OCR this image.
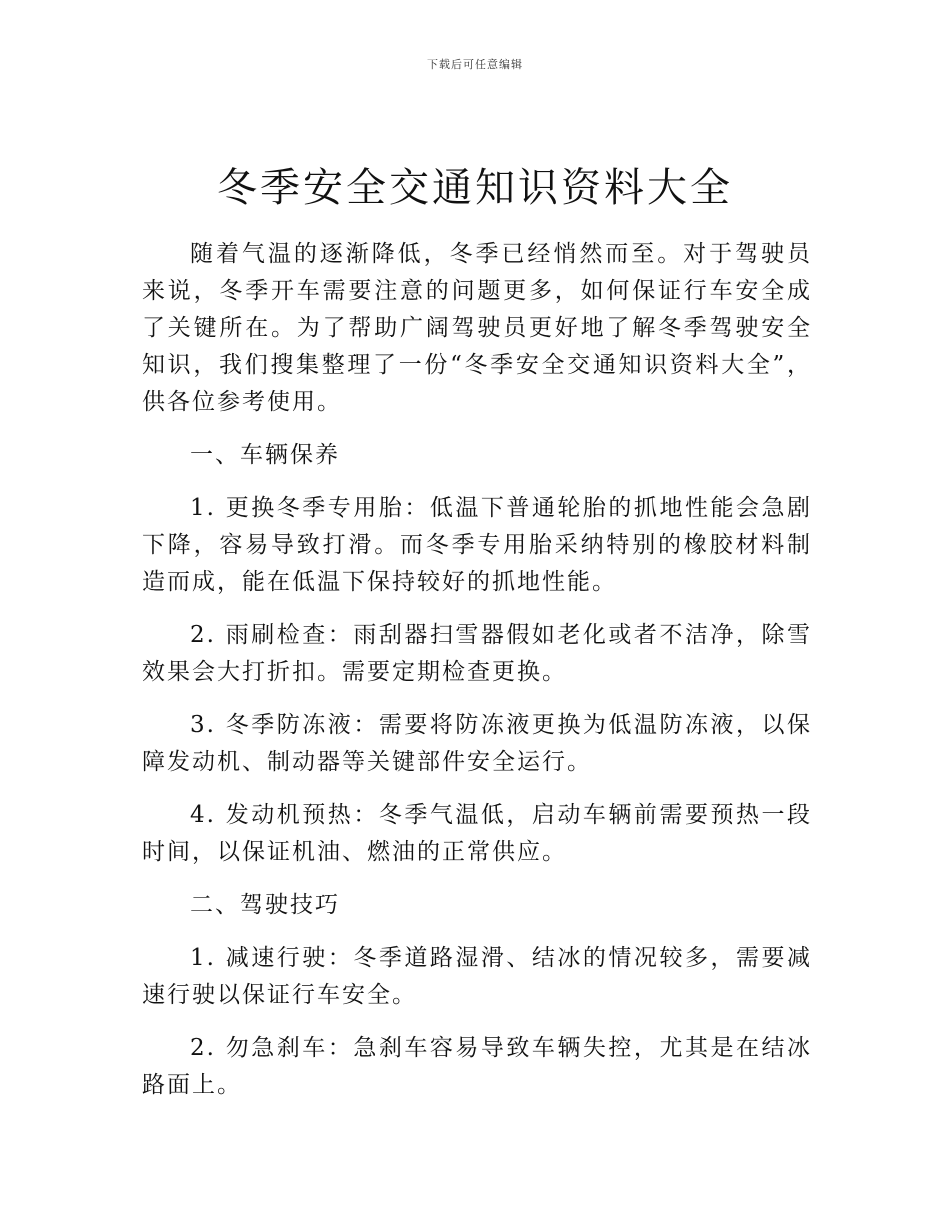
下载后可任意编辑
冬季安全交通知识资料大全

随着气温的逐渐降低，冬季已经悄然而至。对于驾驶员来说，冬季开车需要注意的问题更多，如何保证行车安全成了关键所在。为了帮助广阔驾驶员更好地了解冬季驾驶安全知识，我们搜集整理了一份“冬季安全交通知识资料大全”，供各位参考使用。

一、车辆保养

1. 更换冬季专用胎：低温下普通轮胎的抓地性能会急剧下降，容易导致打滑。而冬季专用胎采纳特别的橡胶材料制造而成，能在低温下保持较好的抓地性能。

2. 雨刷检查：雨刮器扫雪器假如老化或者不洁净，除雪效果会大打折扣。需要定期检查更换。

3. 冬季防冻液：需要将防冻液更换为低温防冻液，以保障发动机、制动器等关键部件安全运行。

4. 发动机预热：冬季气温低，启动车辆前需要预热一段时间，以保证机油、燃油的正常供应。

二、驾驶技巧

1. 减速行驶：冬季道路湿滑、结冰的情况较多，需要减速行驶以保证行车安全。

2. 勿急刹车：急刹车容易导致车辆失控，尤其是在结冰路面上。
